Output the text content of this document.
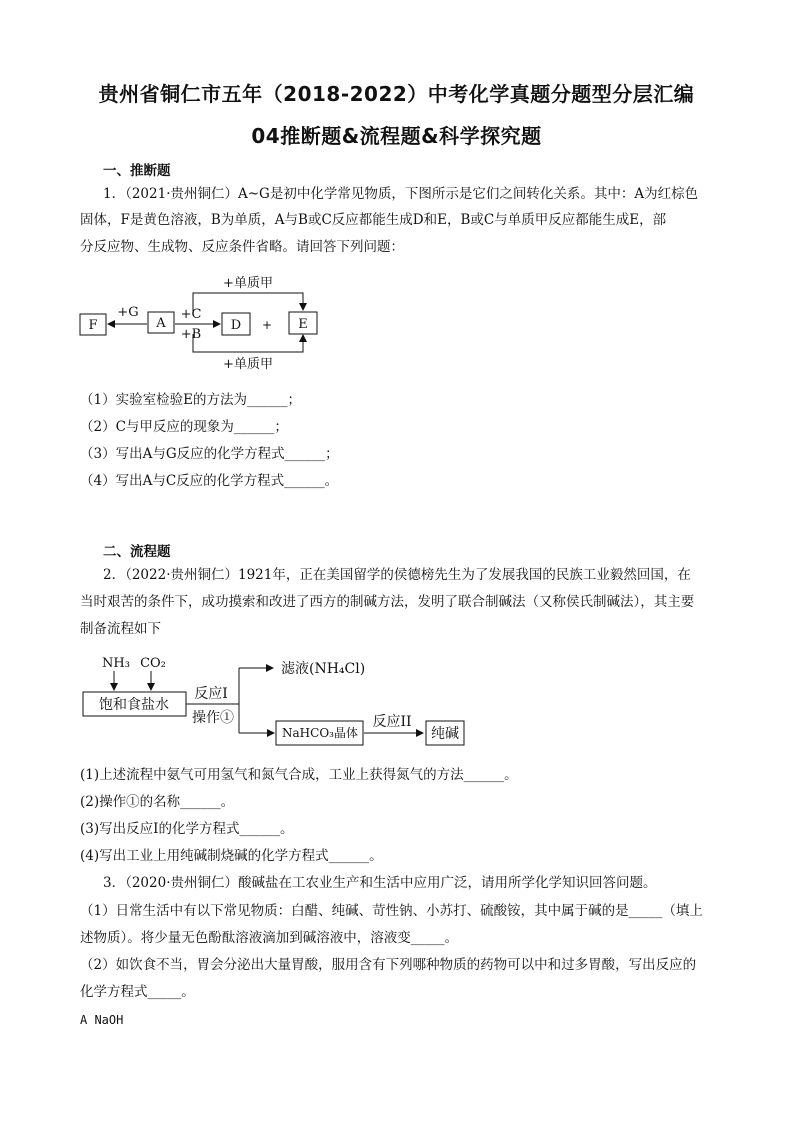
贵州省铜仁市五年（2018-2022）中考化学真题分题型分层汇编
04推断题&流程题&科学探究题
一、推断题
1．（2021·贵州铜仁）A~G是初中化学常见物质，下图所示是它们之间转化关系。其中：A为红棕色
固体，F是黄色溶液，B为单质，A与B或C反应都能生成D和E，B或C与单质甲反应都能生成E，部
分反应物、生成物、反应条件省略。请回答下列问题：
+单质甲
+单质甲
F	A	D + E
+G	+C
+B
（1）实验室检验E的方法为______；
（2）C与甲反应的现象为______；
（3）写出A与G反应的化学方程式______；
（4）写出A与C反应的化学方程式______。
二、流程题
2．（2022·贵州铜仁）1921年，正在美国留学的侯德榜先生为了发展我国的民族工业毅然回国，在
当时艰苦的条件下，成功摸索和改进了西方的制碱方法，发明了联合制碱法（又称侯氏制碱法），其主要
制备流程如下
NH₃ CO₂
饱和食盐水
反应I
操作①
滤液(NH₄Cl)
NaHCO₃晶体
反应II
纯碱
(1)上述流程中氨气可用氢气和氮气合成，工业上获得氮气的方法______。
(2)操作①的名称______。
(3)写出反应Ⅰ的化学方程式______。
(4)写出工业上用纯碱制烧碱的化学方程式______。
3．（2020·贵州铜仁）酸碱盐在工农业生产和生活中应用广泛，请用所学化学知识回答问题。
（1）日常生活中有以下常见物质：白醋、纯碱、苛性钠、小苏打、硫酸铵，其中属于碱的是_____（填上
述物质）。将少量无色酚酞溶液滴加到碱溶液中，溶液变_____。
（2）如饮食不当，胃会分泌出大量胃酸，服用含有下列哪种物质的药物可以中和过多胃酸，写出反应的
化学方程式_____。
A NaOH
